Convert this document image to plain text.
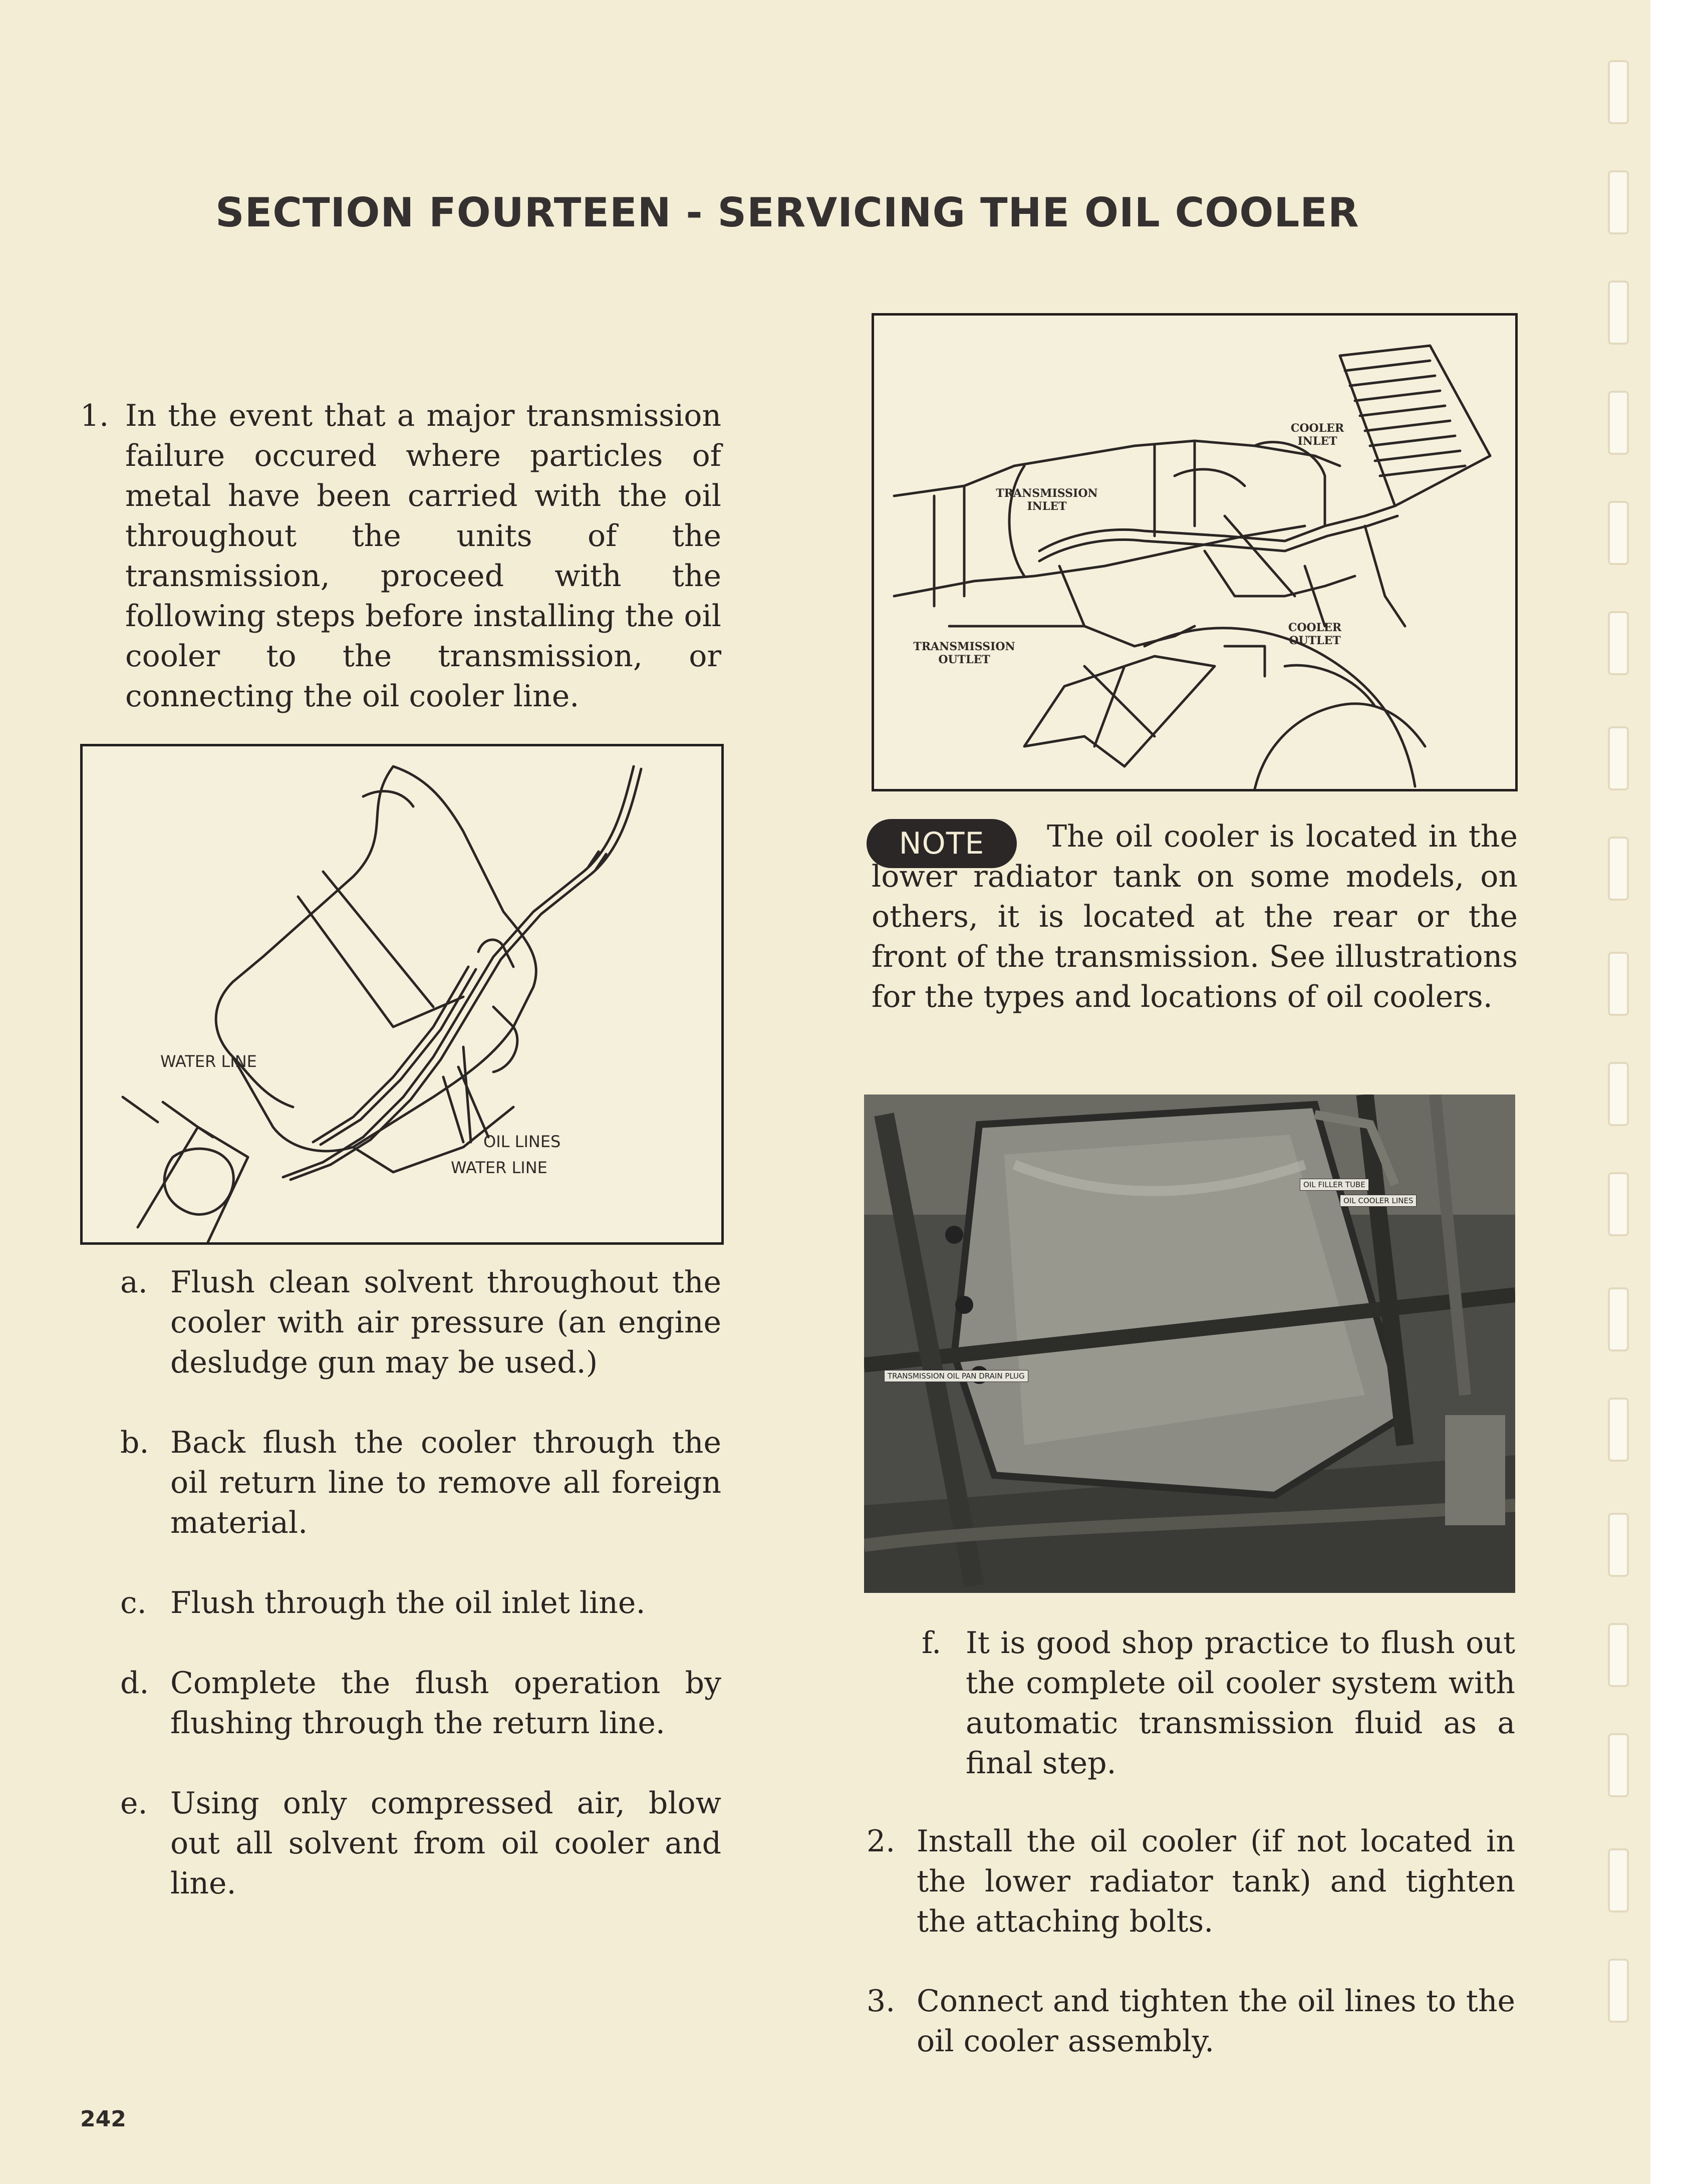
SECTION FOURTEEN - SERVICING THE OIL COOLER
1. In the event that a major transmission failure occured where particles of metal have been carried with the oil throughout the units of the transmission, proceed with the following steps before installing the oil cooler to the transmission, or connecting the oil cooler line.
WATER LINE
OIL LINES
WATER LINE
a. Flush clean solvent throughout the cooler with air pressure (an engine desludge gun may be used.)
b. Back flush the cooler through the oil return line to remove all foreign material.
c. Flush through the oil inlet line.
d. Complete the flush operation by flushing through the return line.
e. Using only compressed air, blow out all solvent from oil cooler and line.
COOLER INLET
TRANSMISSION INLET
TRANSMISSION OUTLET
COOLER OUTLET
NOTE	The oil cooler is located in the lower radiator tank on some models, on others, it is located at the rear or the front of the transmission. See illustrations for the types and locations of oil coolers.
OIL FILLER TUBE
OIL COOLER LINES
TRANSMISSION OIL PAN DRAIN PLUG
f. It is good shop practice to flush out the complete oil cooler system with automatic transmission fluid as a final step.
2. Install the oil cooler (if not located in the lower radiator tank) and tighten the attaching bolts.
3. Connect and tighten the oil lines to the oil cooler assembly.
242
